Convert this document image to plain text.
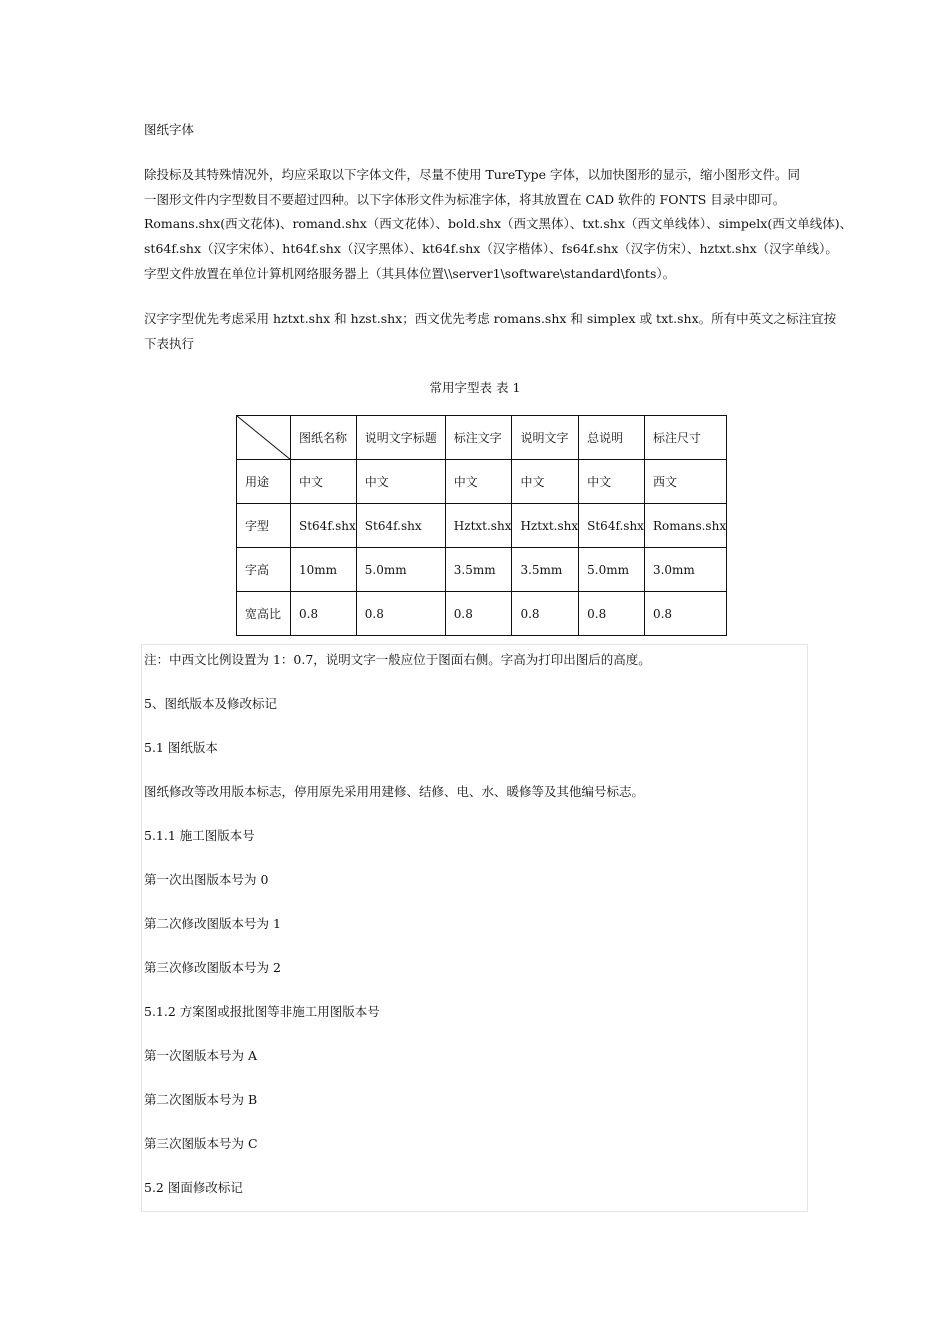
图纸字体

除投标及其特殊情况外，均应采取以下字体文件，尽量不使用 TureType 字体，以加快图形的显示，缩小图形文件。同

一图形文件内字型数目不要超过四种。以下字体形文件为标准字体，将其放置在 CAD 软件的 FONTS 目录中即可。

Romans.shx(西文花体)、romand.shx（西文花体）、bold.shx（西文黑体）、txt.shx（西文单线体）、simpelx(西文单线体)、

st64f.shx（汉字宋体）、ht64f.shx（汉字黑体）、kt64f.shx（汉字楷体）、fs64f.shx（汉字仿宋）、hztxt.shx（汉字单线）。

字型文件放置在单位计算机网络服务器上（其具体位置\\server1\software\standard\fonts）。

汉字字型优先考虑采用 hztxt.shx 和 hzst.shx；西文优先考虑 romans.shx 和 simplex 或 txt.shx。所有中英文之标注宜按

下表执行

常用字型表 表 1
	图纸名称	说明文字标题	标注文字	说明文字	总说明	标注尺寸
用途	中文	中文	中文	中文	中文	西文
字型	St64f.shx	St64f.shx	Hztxt.shx	Hztxt.shx	St64f.shx	Romans.shx
字高	10mm	5.0mm	3.5mm	3.5mm	5.0mm	3.0mm
宽高比	0.8	0.8	0.8	0.8	0.8	0.8

注：中西文比例设置为 1：0.7，说明文字一般应位于图面右侧。字高为打印出图后的高度。

5、图纸版本及修改标记

5.1 图纸版本

图纸修改等改用版本标志，停用原先采用用建修、结修、电、水、暖修等及其他编号标志。

5.1.1 施工图版本号

第一次出图版本号为 0

第二次修改图版本号为 1

第三次修改图版本号为 2

5.1.2 方案图或报批图等非施工用图版本号

第一次图版本号为 A

第二次图版本号为 B

第三次图版本号为 C

5.2 图面修改标记
